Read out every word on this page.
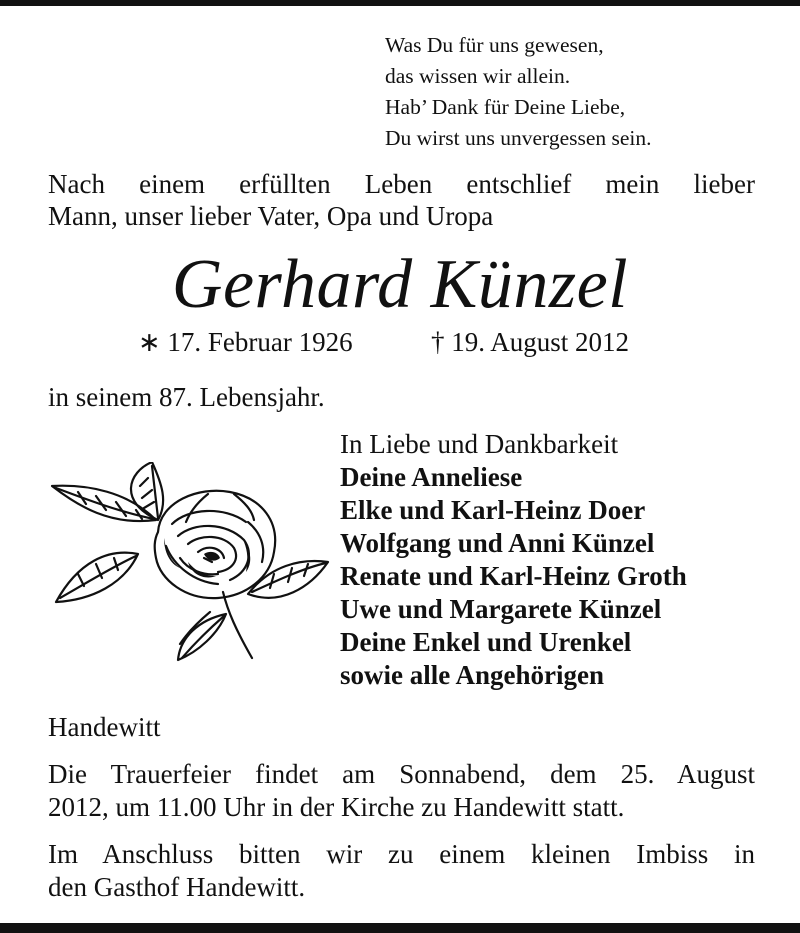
Was Du für uns gewesen,
das wissen wir allein.
Hab’ Dank für Deine Liebe,
Du wirst uns unvergessen sein.
Nach einem erfüllten Leben entschlief mein lieber
Mann, unser lieber Vater, Opa und Uropa
Gerhard Künzel
∗ 17. Februar 1926	† 19. August 2012
in seinem 87. Lebensjahr.
In Liebe und Dankbarkeit
Deine Anneliese
Elke und Karl-Heinz Doer
Wolfgang und Anni Künzel
Renate und Karl-Heinz Groth
Uwe und Margarete Künzel
Deine Enkel und Urenkel
sowie alle Angehörigen
Handewitt
Die Trauerfeier findet am Sonnabend, dem 25. August
2012, um 11.00 Uhr in der Kirche zu Handewitt statt.
Im Anschluss bitten wir zu einem kleinen Imbiss in
den Gasthof Handewitt.
